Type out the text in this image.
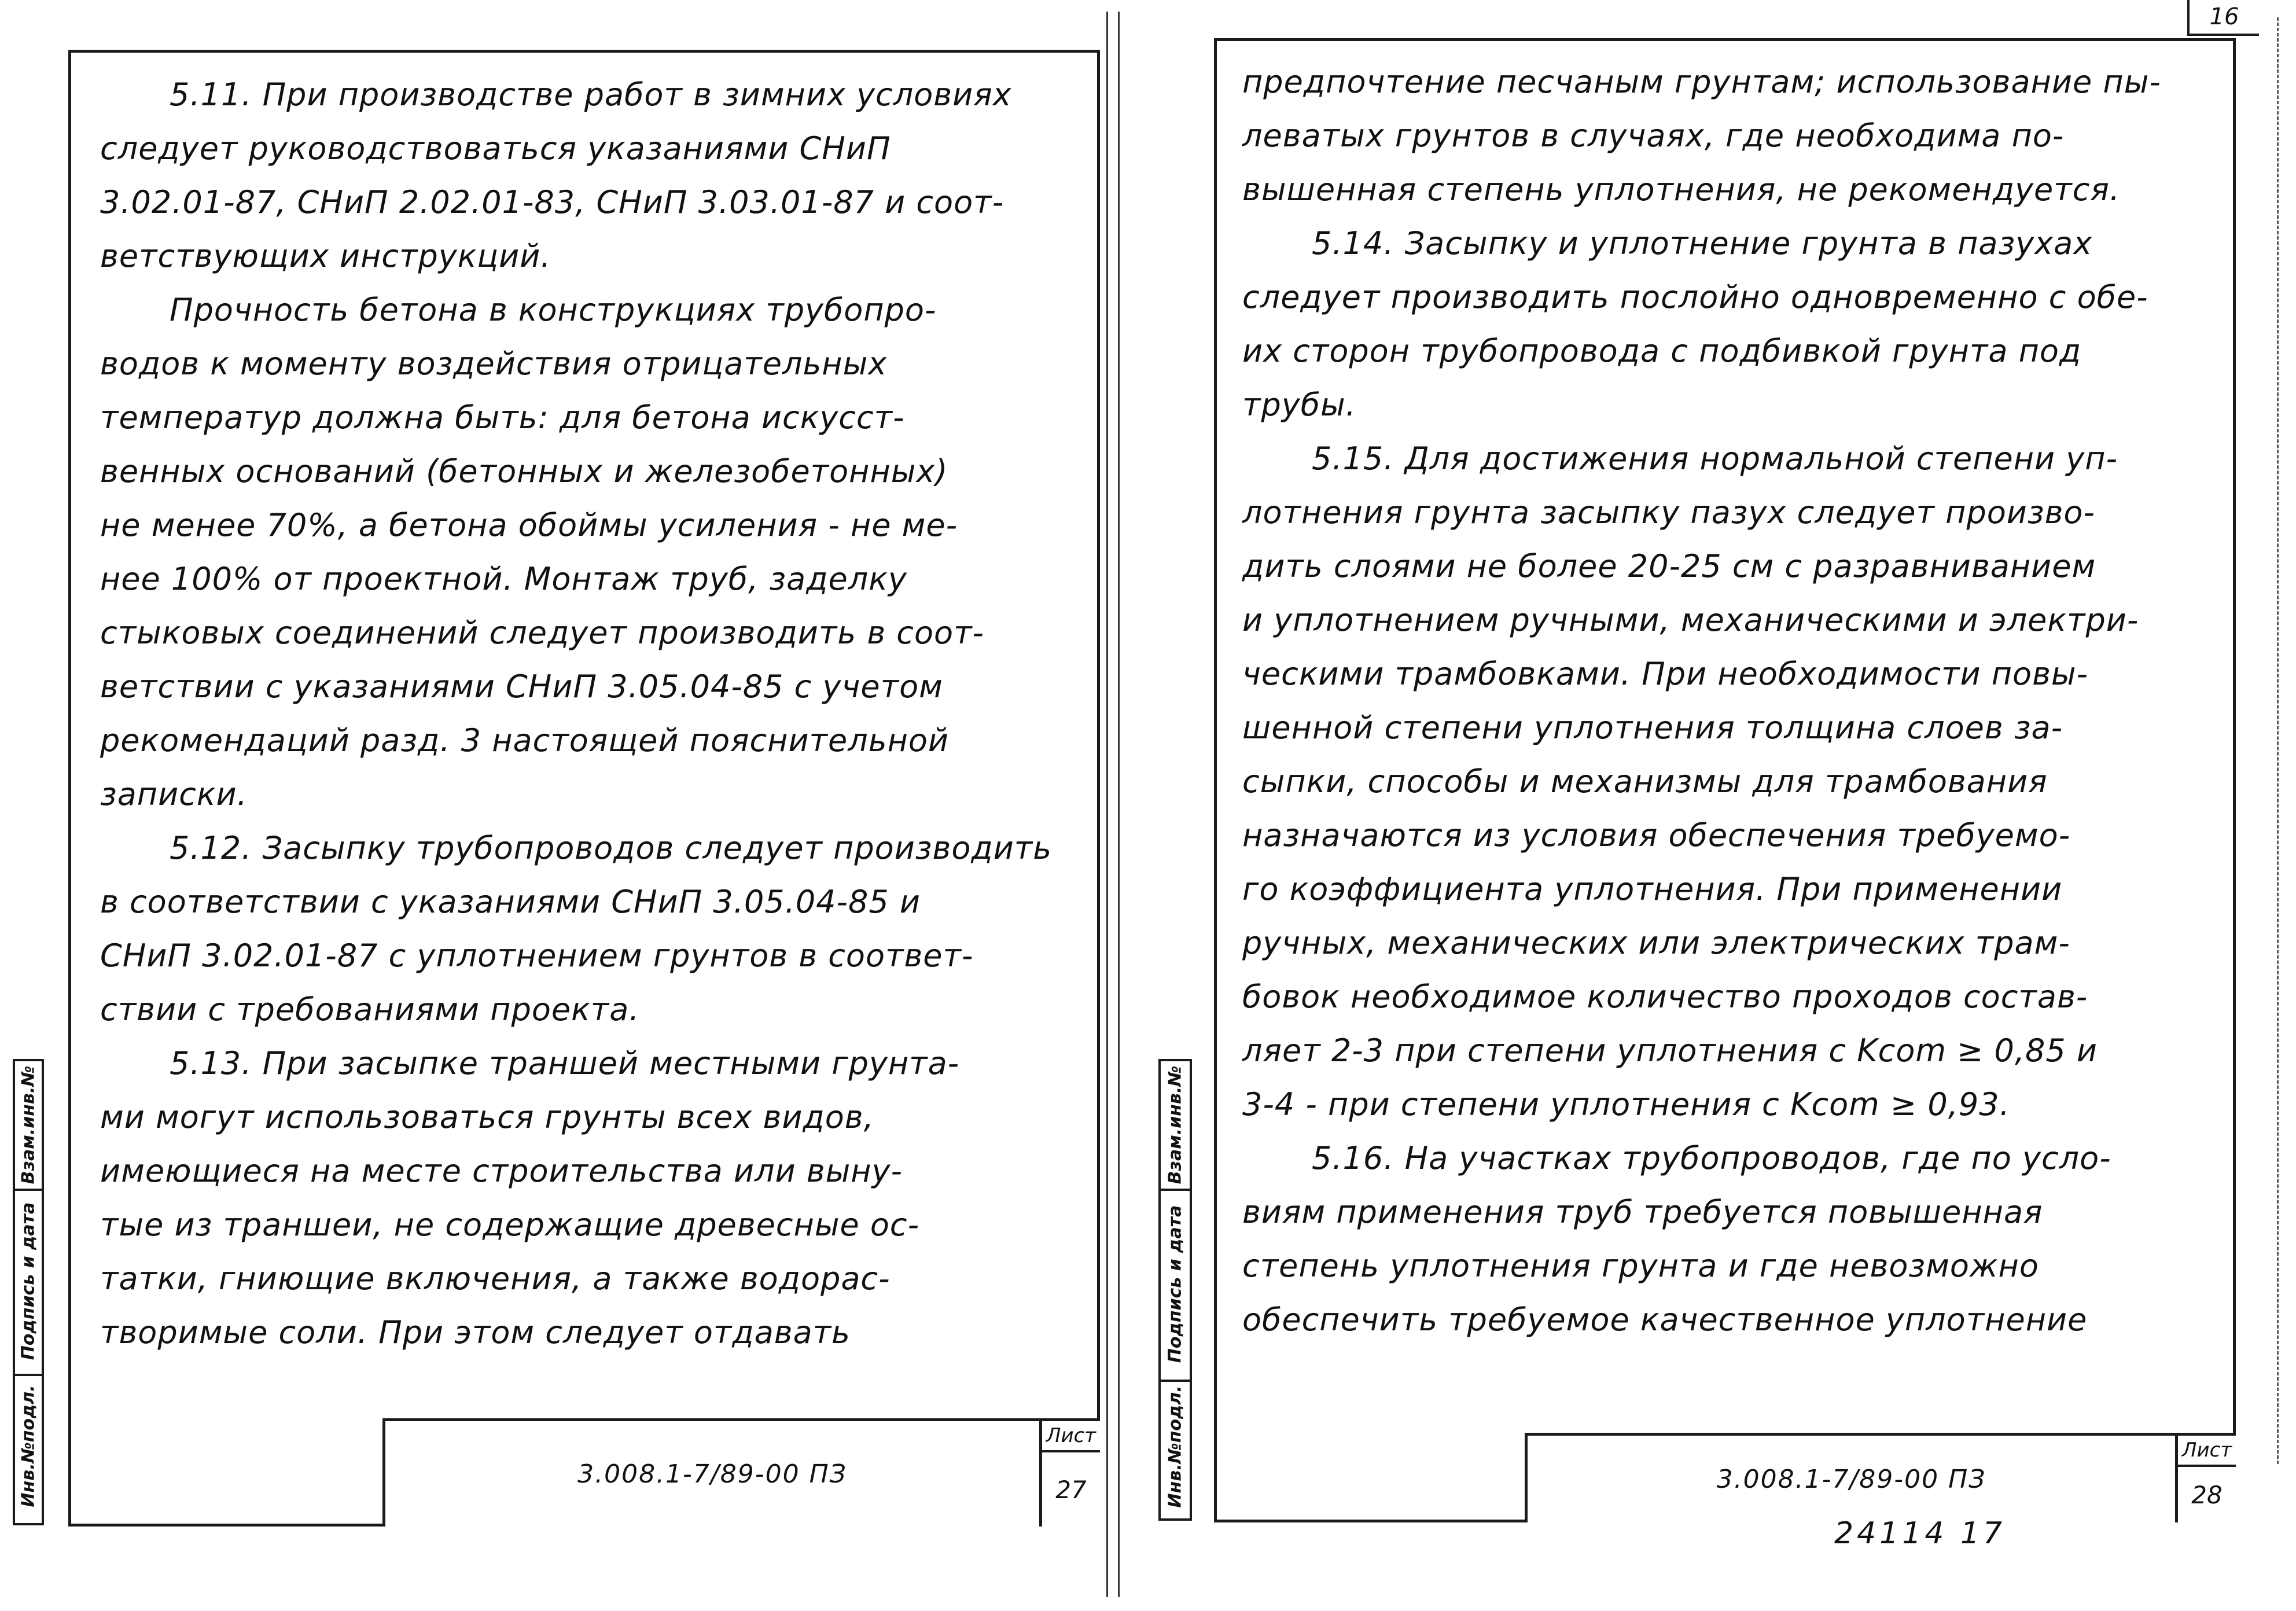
16
5.11. При производстве работ в зимних условиях
следует руководствоваться указаниями СНиП
3.02.01-87, СНиП 2.02.01-83, СНиП 3.03.01-87 и соот-
ветствующих инструкций.
Прочность бетона в конструкциях трубопро-
водов к моменту воздействия отрицательных
температур должна быть: для бетона искусст-
венных оснований (бетонных и железобетонных)
не менее 70%, а бетона обоймы усиления - не ме-
нее 100% от проектной. Монтаж труб, заделку
стыковых соединений следует производить в соот-
ветствии с указаниями СНиП 3.05.04-85 с учетом
рекомендаций разд. 3 настоящей пояснительной
записки.
5.12. Засыпку трубопроводов следует производить
в соответствии с указаниями СНиП 3.05.04-85 и
СНиП 3.02.01-87 с уплотнением грунтов в соответ-
ствии с требованиями проекта.
5.13. При засыпке траншей местными грунта-
ми могут использоваться грунты всех видов,
имеющиеся на месте строительства или выну-
тые из траншеи, не содержащие древесные ос-
татки, гниющие включения, а также водорас-
творимые соли. При этом следует отдавать
3.008.1-7/89-00 ПЗ
Лист
27
Взам.инв.№
Подпись и дата
Инв.№подл.
предпочтение песчаным грунтам; использование пы-
леватых грунтов в случаях, где необходима по-
вышенная степень уплотнения, не рекомендуется.
5.14. Засыпку и уплотнение грунта в пазухах
следует производить послойно одновременно с обе-
их сторон трубопровода с подбивкой грунта под
трубы.
5.15. Для достижения нормальной степени уп-
лотнения грунта засыпку пазух следует произво-
дить слоями не более 20-25 см с разравниванием
и уплотнением ручными, механическими и электри-
ческими трамбовками. При необходимости повы-
шенной степени уплотнения толщина слоев за-
сыпки, способы и механизмы для трамбования
назначаются из условия обеспечения требуемо-
го коэффициента уплотнения. При применении
ручных, механических или электрических трам-
бовок необходимое количество проходов состав-
ляет 2-3 при степени уплотнения с Kcom ≥ 0,85 и
3-4 - при степени уплотнения с Kcom ≥ 0,93.
5.16. На участках трубопроводов, где по усло-
виям применения труб требуется повышенная
степень уплотнения грунта и где невозможно
обеспечить требуемое качественное уплотнение
3.008.1-7/89-00 ПЗ
Лист
28
Взам.инв.№
Подпись и дата
Инв.№подл.
24114 17
